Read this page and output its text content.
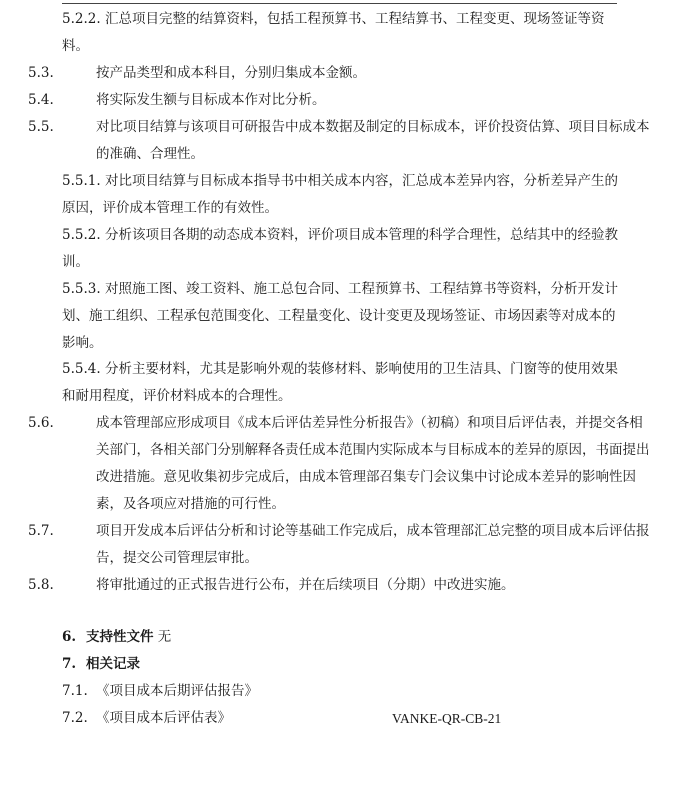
5.2.2. 汇总项目完整的结算资料，包括工程预算书、工程结算书、工程变更、现场签证等资料。
5.3.	按产品类型和成本科目，分别归集成本金额。
5.4.	将实际发生额与目标成本作对比分析。
5.5.	对比项目结算与该项目可研报告中成本数据及制定的目标成本，评价投资估算、项目目标成本的准确、合理性。
5.5.1. 对比项目结算与目标成本指导书中相关成本内容，汇总成本差异内容，分析差异产生的原因，评价成本管理工作的有效性。
5.5.2. 分析该项目各期的动态成本资料，评价项目成本管理的科学合理性，总结其中的经验教训。
5.5.3. 对照施工图、竣工资料、施工总包合同、工程预算书、工程结算书等资料，分析开发计划、施工组织、工程承包范围变化、工程量变化、设计变更及现场签证、市场因素等对成本的影响。
5.5.4. 分析主要材料，尤其是影响外观的装修材料、影响使用的卫生洁具、门窗等的使用效果和耐用程度，评价材料成本的合理性。
5.6.	成本管理部应形成项目《成本后评估差异性分析报告》（初稿）和项目后评估表，并提交各相关部门，各相关部门分别解释各责任成本范围内实际成本与目标成本的差异的原因，书面提出改进措施。意见收集初步完成后，由成本管理部召集专门会议集中讨论成本差异的影响性因素，及各项应对措施的可行性。
5.7.	项目开发成本后评估分析和讨论等基础工作完成后，成本管理部汇总完整的项目成本后评估报告，提交公司管理层审批。
5.8.	将审批通过的正式报告进行公布，并在后续项目（分期）中改进实施。
6. 支持性文件 无
7. 相关记录
7.1. 《项目成本后期评估报告》
7.2. 《项目成本后评估表》	VANKE-QR-CB-21
